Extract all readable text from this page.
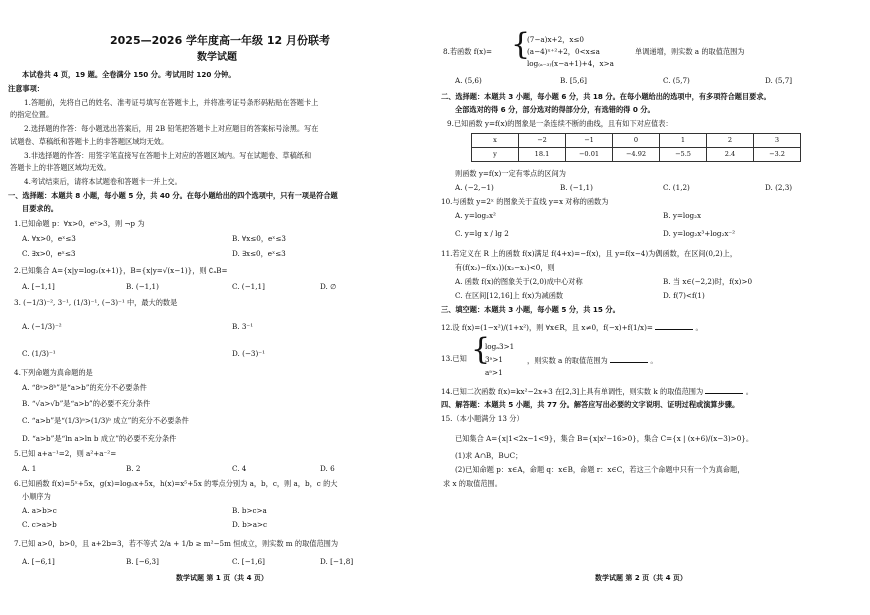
2025—2026 学年度高一年级 12 月份联考
数学试题
本试卷共 4 页，19 题。全卷满分 150 分。考试用时 120 分钟。
注意事项：
1.答题前，先将自己的姓名、准考证号填写在答题卡上，并将准考证号条形码粘贴在答题卡上
的指定位置。
2.选择题的作答：每小题选出答案后，用 2B 铅笔把答题卡上对应题目的答案标号涂黑。写在
试题卷、草稿纸和答题卡上的非答题区域均无效。
3.非选择题的作答：用签字笔直接写在答题卡上对应的答题区域内。写在试题卷、草稿纸和
答题卡上的非答题区域均无效。
4.考试结束后，请将本试题卷和答题卡一并上交。
一、选择题：本题共 8 小题，每小题 5 分，共 40 分。在每小题给出的四个选项中，只有一项是符合题
目要求的。
1.已知命题 p：∀x>0，eˣ>3，则 ¬p 为
A. ∀x>0，eˣ≤3	B. ∀x≤0，eˣ≤3
C. ∃x>0，eˣ≤3	D. ∃x≤0，eˣ≤3
2.已知集合 A={x|y=log₂(x+1)}，B={x|y=√(x−1)}，则 ∁ₐB=
A. [−1,1]	B. (−1,1)	C. (−1,1]	D. ∅
3. (−1/3)⁻², 3⁻¹, (1/3)⁻¹, (−3)⁻¹ 中，最大的数是
A. (−1/3)⁻²	B. 3⁻¹
C. (1/3)⁻¹	D. (−3)⁻¹
4.下列命题为真命题的是
A. “8ᵃ>8ᵇ”是“a>b”的充分不必要条件
B. “√a>√b”是“a>b”的必要不充分条件
C. “a>b”是“(1/3)ᵃ>(1/3)ᵇ 成立”的充分不必要条件
D. “a>b”是“ln a>ln b 成立”的必要不充分条件
5.已知 a+a⁻¹=2，则 a²+a⁻²=
A. 1	B. 2	C. 4	D. 6
6.已知函数 f(x)=5ˣ+5x，g(x)=log₅x+5x，h(x)=x⁵+5x 的零点分别为 a，b，c，则 a，b，c 的大
小顺序为
A. a>b>c	B. b>c>a
C. c>a>b	D. b>a>c
7.已知 a>0，b>0，且 a+2b=3，若不等式 2/a + 1/b ≥ m²−5m 恒成立，则实数 m 的取值范围为
A. [−6,1]	B. [−6,3]	C. [−1,6]	D. [−1,8]
数学试题 第 1 页（共 4 页）
8.若函数 f(x)= {
(7−a)x+2，x≤0
(a−4)ˣ⁺²+2，0<x≤a
log₍ₐ₋₃₎(x−a+1)+4，x>a
单调递增，则实数 a 的取值范围为
A. (5,6)	B. [5,6]	C. (5,7)	D. (5,7]
二、选择题：本题共 3 小题，每小题 6 分，共 18 分。在每小题给出的选项中，有多项符合题目要求。
全部选对的得 6 分，部分选对的得部分分，有选错的得 0 分。
9.已知函数 y=f(x)的图象是一条连续不断的曲线，且有如下对应值表：
x	−2	−1	0	1	2	3
y	18.1	−0.01	−4.92	−5.5	2.4	−3.2
则函数 y=f(x)一定有零点的区间为
A. (−2,−1)	B. (−1,1)	C. (1,2)	D. (2,3)
10.与函数 y=2ˣ 的图象关于直线 y=x 对称的函数为
A. y=log₂x²	B. y=log₂x
C. y=lg x / lg 2	D. y=log₂x³+log₂x⁻²
11.若定义在 R 上的函数 f(x)满足 f(4+x)=−f(x)，且 y=f(x−4)为偶函数，在区间(0,2)上，
有(f(x₂)−f(x₁))(x₂−x₁)<0，则
A. 函数 f(x)的图象关于(2,0)成中心对称	B. 当 x∈(−2,2)时，f(x)>0
C. 在区间[12,16]上 f(x)为减函数	D. f(7)<f(1)
三、填空题：本题共 3 小题，每小题 5 分，共 15 分。
12.设 f(x)=(1−x²)/(1+x²)，则 ∀x∈R，且 x≠0，f(−x)+f(1/x)=	。
13.已知 {
logₐ3>1
3ᵃ>1
aᵃ>1
，则实数 a 的取值范围为	。
14.已知二次函数 f(x)=kx²−2x+3 在[2,3]上具有单调性，则实数 k 的取值范围为	。
四、解答题：本题共 5 小题，共 77 分。解答应写出必要的文字说明、证明过程或演算步骤。
15.（本小题满分 13 分）
已知集合 A={x|1<2x−1<9}，集合 B={x|x²−16>0}，集合 C={x | (x+6)/(x−3)>0}。
(1)求 A∩B，B∪C；
(2)已知命题 p：x∈A，命题 q：x∈B，命题 r：x∈C，若这三个命题中只有一个为真命题，
求 x 的取值范围。
数学试题 第 2 页（共 4 页）
